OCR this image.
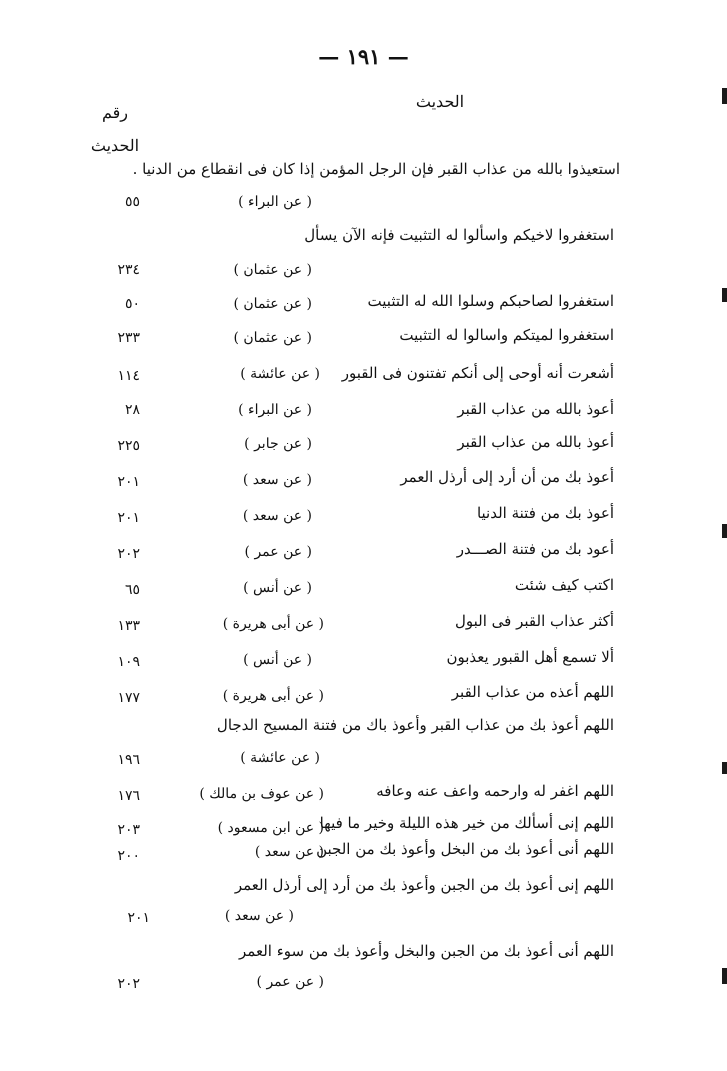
— ١٩١ —
الحديث
رقم
الحديث
استعيذوا بالله من عذاب القبر فإن الرجل المؤمن إذا كان فى انقطاع من الدنيا .
( عن البراء )
٥٥
استغفروا لاخيكم واسألوا له التثبيت فإنه الآن يسأل
( عن عثمان )
٢٣٤
استغفروا لصاحبكم وسلوا الله له التثبيت
( عن عثمان )
٥٠
استغفروا لميتكم واسالوا له التثبيت
( عن عثمان )
٢٣٣
أشعرت أنه أوحى إلى أنكم تفتنون فى القبور
( عن عائشة )
١١٤
أعوذ بالله من عذاب القبر
( عن البراء )
٢٨
أعوذ بالله من عذاب القبر
( عن جابر )
٢٢٥
أعوذ بك من أن أرد إلى أرذل العمر
( عن سعد )
٢٠١
أعوذ بك من فتنة الدنيا
( عن سعد )
٢٠١
أعود بك من فتنة الصـــدر
( عن عمر )
٢٠٢
اكتب كيف شئت
( عن أنس )
٦٥
أكثر عذاب القبر فى البول
( عن أبى هريرة )
١٣٣
ألا تسمع أهل القبور يعذبون
( عن أنس )
١٠٩
اللهم أعذه من عذاب القبر
( عن أبى هريرة )
١٧٧
اللهم أعوذ بك من عذاب القبر وأعوذ باك من فتنة المسيح الدجال
( عن عائشة )
١٩٦
اللهم اغفر له وارحمه واعف عنه وعافه
( عن عوف بن مالك )
١٧٦
اللهم إنى أسألك من خير هذه الليلة وخير ما فيها
( عن ابن مسعود )
٢٠٣
اللهم أنى أعوذ بك من البخل وأعوذ بك من الجبن
( عن سعد )
٢٠٠
اللهم إنى أعوذ بك من الجبن وأعوذ بك من أرد إلى أرذل العمر
( عن سعد )
٢٠١
اللهم أنى أعوذ بك من الجبن والبخل وأعوذ بك من سوء العمر
( عن عمر )
٢٠٢
